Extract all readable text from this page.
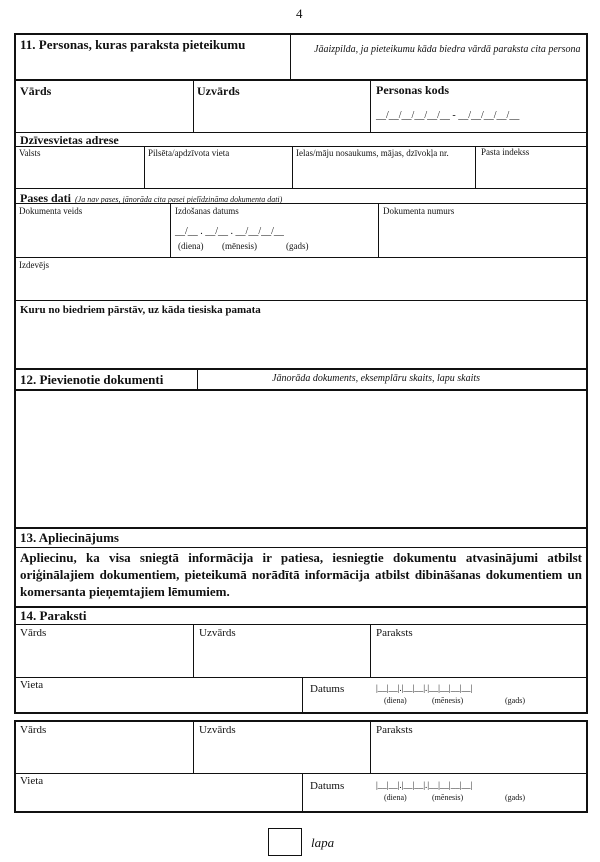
4
11. Personas, kuras paraksta pieteikumu	Jāaizpilda, ja pieteikumu kāda biedra vārdā paraksta cita persona
Vārds	Uzvārds	Personas kods
__/__/__/__/__/__ - __/__/__/__/__
Dzīvesvietas adrese
Valsts	Pilsēta/apdzīvota vieta	Ielas/māju nosaukums, mājas, dzīvokļa nr.	Pasta indekss
Pases dati (Ja nav pases, jānorāda cita pasei pielīdzināma dokumenta dati)
Dokumenta veids	Izdošanas datums
__/__ . __/__ . __/__/__/__
(diena) (mēnesis)	(gads)
Dokumenta numurs
Izdevējs
Kuru no biedriem pārstāv, uz kāda tiesiska pamata
12. Pievienotie dokumenti	Jānorāda dokuments, eksemplāru skaits, lapu skaits
13. Apliecinājums
Apliecinu, ka visa sniegtā informācija ir patiesa, iesniegtie dokumentu atvasinājumi atbilst oriģinālajiem dokumentiem, pieteikumā norādītā informācija atbilst dibināšanas dokumentiem un komersanta pieņemtajiem lēmumiem.
14. Paraksti
Vārds	Uzvārds	Paraksts
Vieta	Datums	|__|__|.|__|__|.|__|__|__|__|
(diena)	(mēnesis)	(gads)
Vārds	Uzvārds	Paraksts
Vieta	Datums	|__|__|.|__|__|.|__|__|__|__|
(diena)	(mēnesis)	(gads)
lapa
